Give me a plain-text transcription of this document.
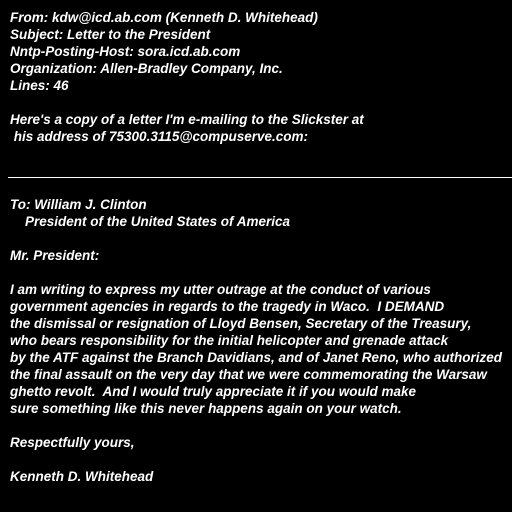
From: kdw@icd.ab.com (Kenneth D. Whitehead)
Subject: Letter to the President
Nntp-Posting-Host: sora.icd.ab.com
Organization: Allen-Bradley Company, Inc.
Lines: 46
Here's a copy of a letter I'm e-mailing to the Slickster at
his address of 75300.3115@compuserve.com:
To: William J. Clinton
President of the United States of America
Mr. President:
I am writing to express my utter outrage at the conduct of various
government agencies in regards to the tragedy in Waco.  I DEMAND
the dismissal or resignation of Lloyd Bensen, Secretary of the Treasury,
who bears responsibility for the initial helicopter and grenade attack
by the ATF against the Branch Davidians, and of Janet Reno, who authorized
the final assault on the very day that we were commemorating the Warsaw
ghetto revolt.  And I would truly appreciate it if you would make
sure something like this never happens again on your watch.
Respectfully yours,
Kenneth D. Whitehead
